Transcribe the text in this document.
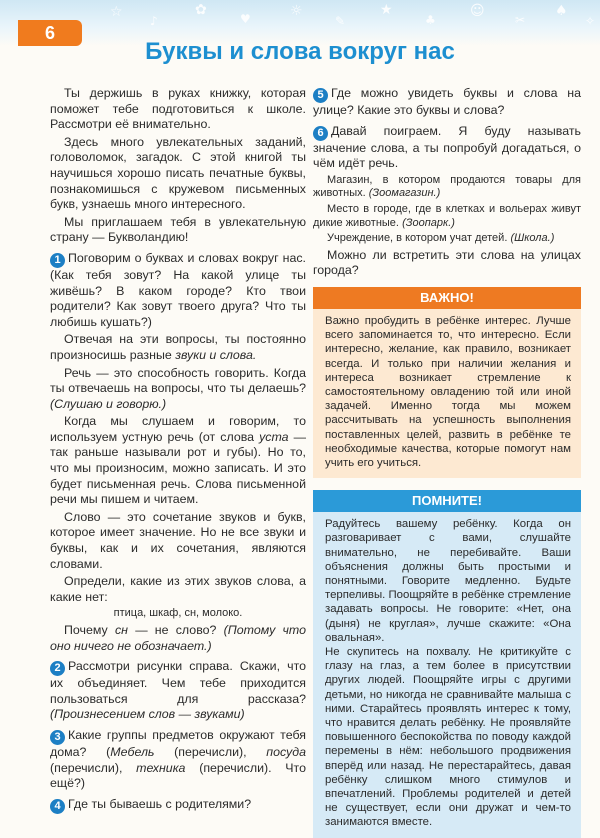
☆
♪
✿
♥	☼
✎
★
♣
☺
✂
♠
✧
6
Буквы и слова вокруг нас

Ты держишь в руках книжку, которая поможет тебе подготовиться к школе. Рассмотри её внимательно.

Здесь много увлекательных заданий, головоломок, загадок. С этой книгой ты научишься хорошо писать печатные буквы, познакомишься с кружевом письменных букв, узнаешь много интересного.

Мы приглашаем тебя в увлекательную страну — Букволандию!

1 Поговорим о буквах и словах вокруг нас. (Как тебя зовут? На какой улице ты живёшь? В каком городе? Кто твои родители? Как зовут твоего друга? Что ты любишь кушать?)

Отвечая на эти вопросы, ты постоянно произносишь разные звуки и слова.

Речь — это способность говорить. Когда ты отвечаешь на вопросы, что ты делаешь? (Слушаю и говорю.)

Когда мы слушаем и говорим, то используем устную речь (от слова уста — так раньше называли рот и губы). Но то, что мы произносим, можно записать. И это будет письменная речь. Слова письменной речи мы пишем и читаем.

Слово — это сочетание звуков и букв, которое имеет значение. Но не все звуки и буквы, как и их сочетания, являются словами.

Определи, какие из этих звуков слова, а какие нет:

птица, шкаф, сн, молоко.

Почему сн — не слово? (Потому что оно ничего не обозначает.)

2 Рассмотри рисунки справа. Скажи, что их объединяет. Чем тебе приходится пользоваться для рассказа? (Произнесением слов — звуками)

3 Какие группы предметов окружают тебя дома? (Мебель (перечисли), посуда (перечисли), техника (перечисли). Что ещё?)

4 Где ты бываешь с родителями?

5 Где можно увидеть буквы и слова на улице? Какие это буквы и слова?

6 Давай поиграем. Я буду называть значение слова, а ты попробуй догадаться, о чём идёт речь.

Магазин, в котором продаются товары для животных. (Зоомагазин.)

Место в городе, где в клетках и вольерах живут дикие животные. (Зоопарк.)

Учреждение, в котором учат детей. (Школа.)

Можно ли встретить эти слова на улицах города?

ВАЖНО!
Важно пробудить в ребёнке интерес. Лучше всего запоминается то, что интересно. Если интересно, желание, как правило, возникает всегда. И только при наличии желания и интереса возникает стремление к самостоятельному овладению той или иной задачей. Именно тогда мы можем рассчитывать на успешность выполнения поставленных целей, развить в ребёнке те необходимые качества, которые помогут нам учить его учиться.
ПОМНИТЕ!
Радуйтесь вашему ребёнку. Когда он разговаривает с вами, слушайте внимательно, не перебивайте. Ваши объяснения должны быть простыми и понятными. Говорите медленно. Будьте терпеливы. Поощряйте в ребёнке стремление задавать вопросы. Не говорите: «Нет, она (дыня) не круглая», лучше скажите: «Она овальная».
Не скупитесь на похвалу. Не критикуйте с глазу на глаз, а тем более в присутствии других людей. Поощряйте игры с другими детьми, но никогда не сравнивайте малыша с ними. Старайтесь проявлять интерес к тому, что нравится делать ребёнку. Не проявляйте повышенного беспокойства по поводу каждой перемены в нём: небольшого продвижения вперёд или назад. Не перестарайтесь, давая ребёнку слишком много стимулов и впечатлений. Проблемы родителей и детей не существует, если они дружат и чем-то занимаются вместе.
